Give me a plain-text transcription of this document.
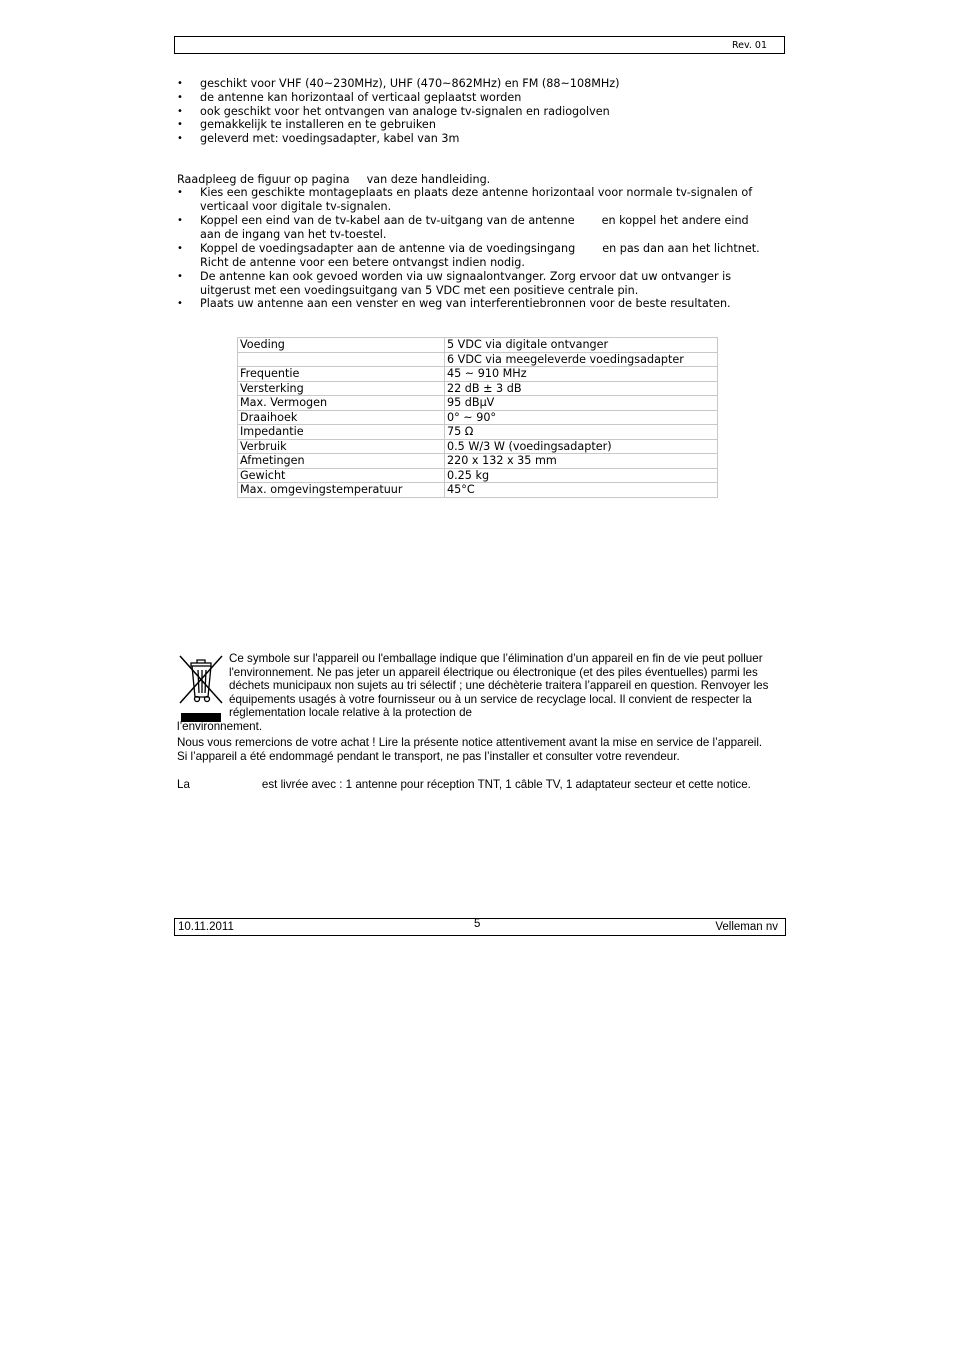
Rev. 01
• geschikt voor VHF (40~230MHz), UHF (470~862MHz) en FM (88~108MHz)
• de antenne kan horizontaal of verticaal geplaatst worden
• ook geschikt voor het ontvangen van analoge tv-signalen en radiogolven
• gemakkelijk te installeren en te gebruiken
• geleverd met: voedingsadapter, kabel van 3m
Raadpleeg de figuur op pagina van deze handleiding.
• Kies een geschikte montageplaats en plaats deze antenne horizontaal voor normale tv-signalen of verticaal voor digitale tv-signalen.
• Koppel een eind van de tv-kabel aan de tv-uitgang van de antenne en koppel het andere eind aan de ingang van het tv-toestel.
• Koppel de voedingsadapter aan de antenne via de voedingsingang en pas dan aan het lichtnet. Richt de antenne voor een betere ontvangst indien nodig.
• De antenne kan ook gevoed worden via uw signaalontvanger. Zorg ervoor dat uw ontvanger is uitgerust met een voedingsuitgang van 5 VDC met een positieve centrale pin.
• Plaats uw antenne aan een venster en weg van interferentiebronnen voor de beste resultaten.
Voeding	5 VDC via digitale ontvanger
	6 VDC via meegeleverde voedingsadapter
Frequentie	45 ~ 910 MHz
Versterking	22 dB ± 3 dB
Max. Vermogen	95 dBµV
Draaihoek	0° ~ 90°
Impedantie	75 Ω
Verbruik	0.5 W/3 W (voedingsadapter)
Afmetingen	220 x 132 x 35 mm
Gewicht	0.25 kg
Max. omgevingstemperatuur	45°C
Ce symbole sur l'appareil ou l'emballage indique que l’élimination d’un appareil en fin de vie peut polluer l'environnement. Ne pas jeter un appareil électrique ou électronique (et des piles éventuelles) parmi les déchets municipaux non sujets au tri sélectif ; une déchèterie traitera l’appareil en question. Renvoyer les équipements usagés à votre fournisseur ou à un service de recyclage local. Il convient de respecter la réglementation locale relative à la protection de
l’environnement.
Nous vous remercions de votre achat ! Lire la présente notice attentivement avant la mise en service de l’appareil. Si l’appareil a été endommagé pendant le transport, ne pas l’installer et consulter votre revendeur.
La	est livrée avec : 1 antenne pour réception TNT, 1 câble TV, 1 adaptateur secteur et cette notice.
10.11.2011	5	Velleman nv
